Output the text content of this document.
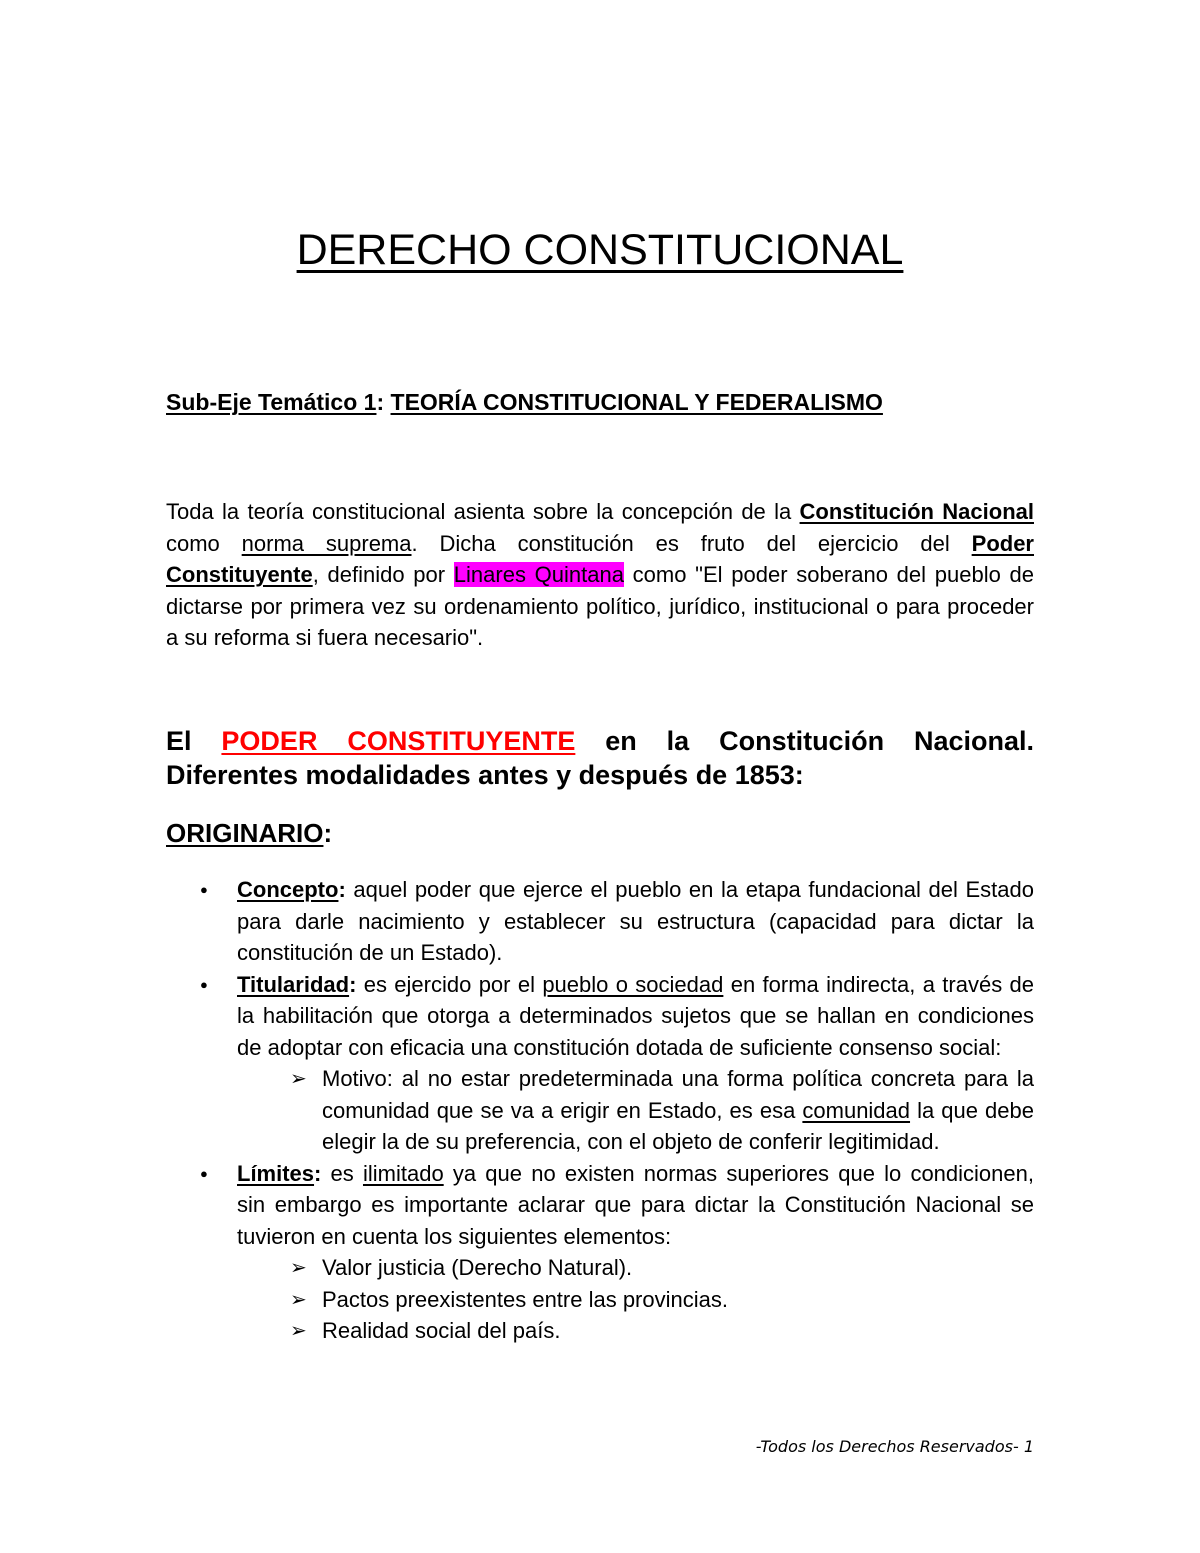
DERECHO CONSTITUCIONAL
Sub-Eje Temático 1: TEORÍA CONSTITUCIONAL Y FEDERALISMO

Toda la teoría constitucional asienta sobre la concepción de la Constitución Nacional como norma suprema. Dicha constitución es fruto del ejercicio del Poder Constituyente, definido por Linares Quintana como "El poder soberano del pueblo de dictarse por primera vez su ordenamiento político, jurídico, institucional o para proceder a su reforma si fuera necesario".

El PODER CONSTITUYENTE en la Constitución Nacional. Diferentes modalidades antes y después de 1853:

ORIGINARIO:
● Concepto: aquel poder que ejerce el pueblo en la etapa fundacional del Estado para darle nacimiento y establecer su estructura (capacidad para dictar la constitución de un Estado).
● Titularidad: es ejercido por el pueblo o sociedad en forma indirecta, a través de la habilitación que otorga a determinados sujetos que se hallan en condiciones de adoptar con eficacia una constitución dotada de suficiente consenso social:
➢ Motivo: al no estar predeterminada una forma política concreta para la comunidad que se va a erigir en Estado, es esa comunidad la que debe elegir la de su preferencia, con el objeto de conferir legitimidad.
● Límites: es ilimitado ya que no existen normas superiores que lo condicionen, sin embargo es importante aclarar que para dictar la Constitución Nacional se tuvieron en cuenta los siguientes elementos:
➢ Valor justicia (Derecho Natural).
➢ Pactos preexistentes entre las provincias.
➢ Realidad social del país.
-Todos los Derechos Reservados- 1
